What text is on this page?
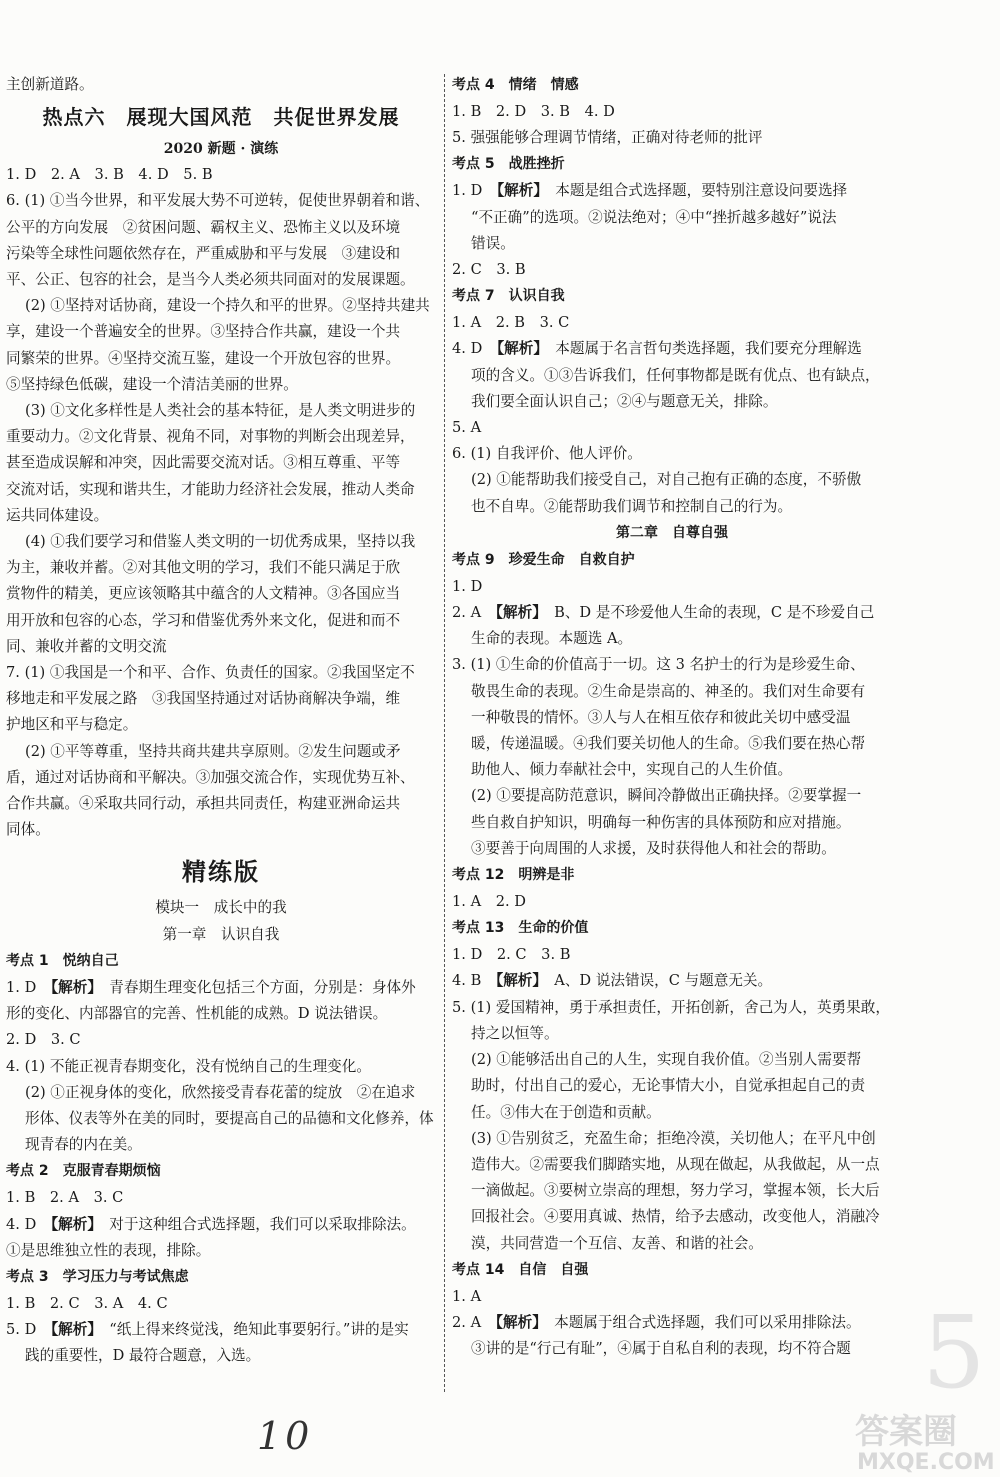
主创新道路。

热点六　展现大国风范　共促世界发展

2020 新题 · 演练

1. D　2. A　3. B　4. D　5. B

6. (1) ①当今世界，和平发展大势不可逆转，促使世界朝着和谐、

公平的方向发展　②贫困问题、霸权主义、恐怖主义以及环境

污染等全球性问题依然存在，严重威胁和平与发展　③建设和

平、公正、包容的社会，是当今人类必须共同面对的发展课题。

(2) ①坚持对话协商，建设一个持久和平的世界。②坚持共建共

享，建设一个普遍安全的世界。③坚持合作共赢，建设一个共

同繁荣的世界。④坚持交流互鉴，建设一个开放包容的世界。

⑤坚持绿色低碳，建设一个清洁美丽的世界。

(3) ①文化多样性是人类社会的基本特征，是人类文明进步的

重要动力。②文化背景、视角不同，对事物的判断会出现差异，

甚至造成误解和冲突，因此需要交流对话。③相互尊重、平等

交流对话，实现和谐共生，才能助力经济社会发展，推动人类命

运共同体建设。

(4) ①我们要学习和借鉴人类文明的一切优秀成果，坚持以我

为主，兼收并蓄。②对其他文明的学习，我们不能只满足于欣

赏物件的精美，更应该领略其中蕴含的人文精神。③各国应当

用开放和包容的心态，学习和借鉴优秀外来文化，促进和而不

同、兼收并蓄的文明交流

7. (1) ①我国是一个和平、合作、负责任的国家。②我国坚定不

移地走和平发展之路　③我国坚持通过对话协商解决争端，维

护地区和平与稳定。

(2) ①平等尊重，坚持共商共建共享原则。②发生问题或矛

盾，通过对话协商和平解决。③加强交流合作，实现优势互补、

合作共赢。④采取共同行动，承担共同责任，构建亚洲命运共

同体。

精练版

模块一　成长中的我

第一章　认识自我

考点 1　悦纳自己

1. D　 【解析】　 青春期生理变化包括三个方面，分别是：身体外

形的变化、内部器官的完善、性机能的成熟。D 说法错误。

2. D　3. C

4. (1) 不能正视青春期变化，没有悦纳自己的生理变化。

(2) ①正视身体的变化，欣然接受青春花蕾的绽放　②在追求

形体、仪表等外在美的同时，要提高自己的品德和文化修养，体

现青春的内在美。

考点 2　克服青春期烦恼

1. B　2. A　3. C

4. D　 【解析】　 对于这种组合式选择题，我们可以采取排除法。

①是思维独立性的表现，排除。

考点 3　学习压力与考试焦虑

1. B　2. C　3. A　4. C

5. D　 【解析】　 “纸上得来终觉浅，绝知此事要躬行。”讲的是实

践的重要性，D 最符合题意，入选。

考点 4　情绪　情感

1. B　2. D　3. B　4. D

5. 强强能够合理调节情绪，正确对待老师的批评

考点 5　战胜挫折

1. D　 【解析】　 本题是组合式选择题，要特别注意设问要选择

“不正确”的选项。②说法绝对；④中“挫折越多越好”说法

错误。

2. C　3. B

考点 7　认识自我

1. A　2. B　3. C

4. D　 【解析】　 本题属于名言哲句类选择题，我们要充分理解选

项的含义。①③告诉我们，任何事物都是既有优点、也有缺点，

我们要全面认识自己；②④与题意无关，排除。

5. A

6. (1) 自我评价、他人评价。

(2) ①能帮助我们接受自己，对自己抱有正确的态度，不骄傲

也不自卑。②能帮助我们调节和控制自己的行为。

第二章　自尊自强

考点 9　珍爱生命　自救自护

1. D

2. A　 【解析】　 B、D 是不珍爱他人生命的表现，C 是不珍爱自己

生命的表现。本题选 A。

3. (1) ①生命的价值高于一切。这 3 名护士的行为是珍爱生命、

敬畏生命的表现。②生命是崇高的、神圣的。我们对生命要有

一种敬畏的情怀。③人与人在相互依存和彼此关切中感受温

暖，传递温暖。④我们要关切他人的生命。⑤我们要在热心帮

助他人、倾力奉献社会中，实现自己的人生价值。

(2) ①要提高防范意识，瞬间冷静做出正确抉择。②要掌握一

些自救自护知识，明确每一种伤害的具体预防和应对措施。

③要善于向周围的人求援，及时获得他人和社会的帮助。

考点 12　明辨是非

1. A　2. D

考点 13　生命的价值

1. D　2. C　3. B

4. B　 【解析】　 A、D 说法错误，C 与题意无关。

5. (1) 爱国精神，勇于承担责任，开拓创新，舍己为人，英勇果敢，

持之以恒等。

(2) ①能够活出自己的人生，实现自我价值。②当别人需要帮

助时，付出自己的爱心，无论事情大小，自觉承担起自己的责

任。③伟大在于创造和贡献。

(3) ①告别贫乏，充盈生命；拒绝冷漠，关切他人；在平凡中创

造伟大。②需要我们脚踏实地，从现在做起，从我做起，从一点

一滴做起。③要树立崇高的理想，努力学习，掌握本领，长大后

回报社会。④要用真诚、热情，给予去感动，改变他人，消融冷

漠，共同营造一个互信、友善、和谐的社会。

考点 14　自信　自强

1. A

2. A　 【解析】　 本题属于组合式选择题，我们可以采用排除法。

③讲的是“行己有耻”，④属于自私自利的表现，均不符合题 5
10	答案圈
MXQE.COM
